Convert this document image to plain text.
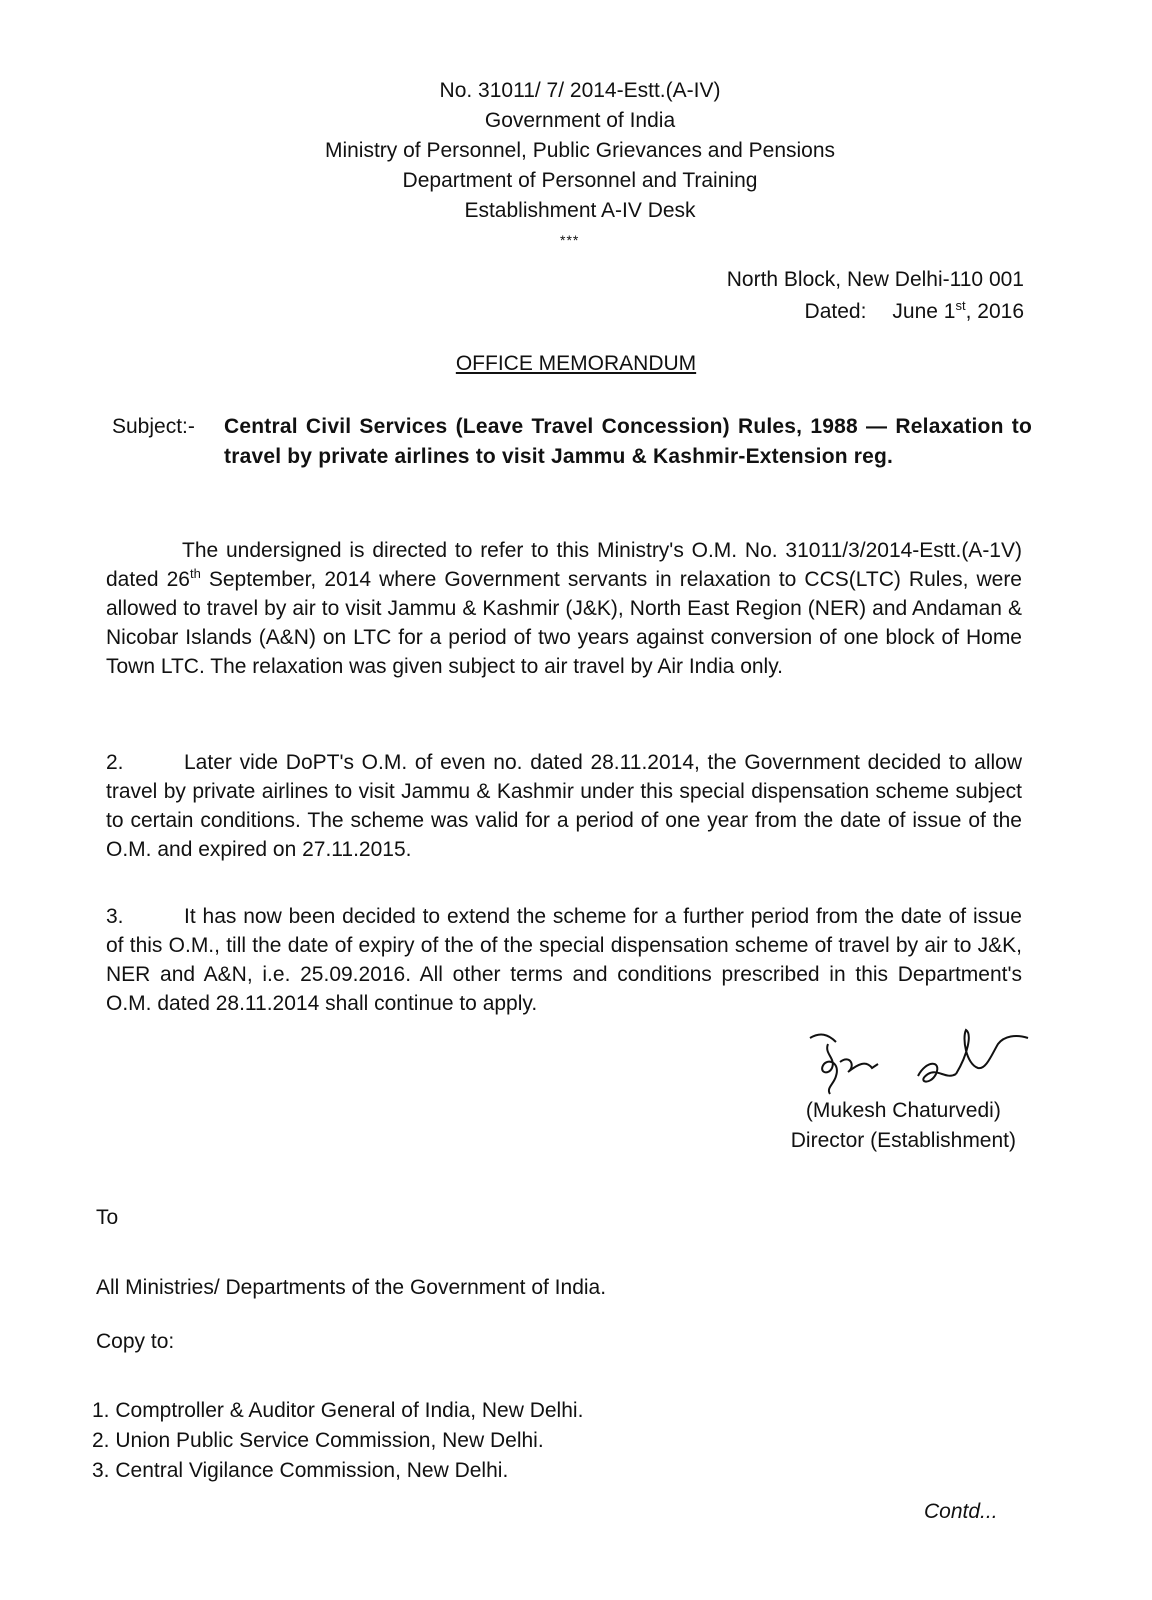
No. 31011/ 7/ 2014-Estt.(A-IV)
Government of India
Ministry of Personnel, Public Grievances and Pensions
Department of Personnel and Training
Establishment A-IV Desk
***
North Block, New Delhi-110 001
Dated: June 1st, 2016
OFFICE MEMORANDUM
Subject:- Central Civil Services (Leave Travel Concession) Rules, 1988 — Relaxation to travel by private airlines to visit Jammu & Kashmir-Extension reg.
The undersigned is directed to refer to this Ministry's O.M. No. 31011/3/2014-Estt.(A-1V) dated 26th September, 2014 where Government servants in relaxation to CCS(LTC) Rules, were allowed to travel by air to visit Jammu & Kashmir (J&K), North East Region (NER) and Andaman & Nicobar Islands (A&N) on LTC for a period of two years against conversion of one block of Home Town LTC. The relaxation was given subject to air travel by Air India only.
2.	Later vide DoPT's O.M. of even no. dated 28.11.2014, the Government decided to allow travel by private airlines to visit Jammu & Kashmir under this special dispensation scheme subject to certain conditions. The scheme was valid for a period of one year from the date of issue of the O.M. and expired on 27.11.2015.
3.	It has now been decided to extend the scheme for a further period from the date of issue of this O.M., till the date of expiry of the of the special dispensation scheme of travel by air to J&K, NER and A&N, i.e. 25.09.2016. All other terms and conditions prescribed in this Department's O.M. dated 28.11.2014 shall continue to apply.
(Mukesh Chaturvedi)
Director (Establishment)
To
All Ministries/ Departments of the Government of India.
Copy to:
1. Comptroller & Auditor General of India, New Delhi.
2. Union Public Service Commission, New Delhi.
3. Central Vigilance Commission, New Delhi.
Contd...
